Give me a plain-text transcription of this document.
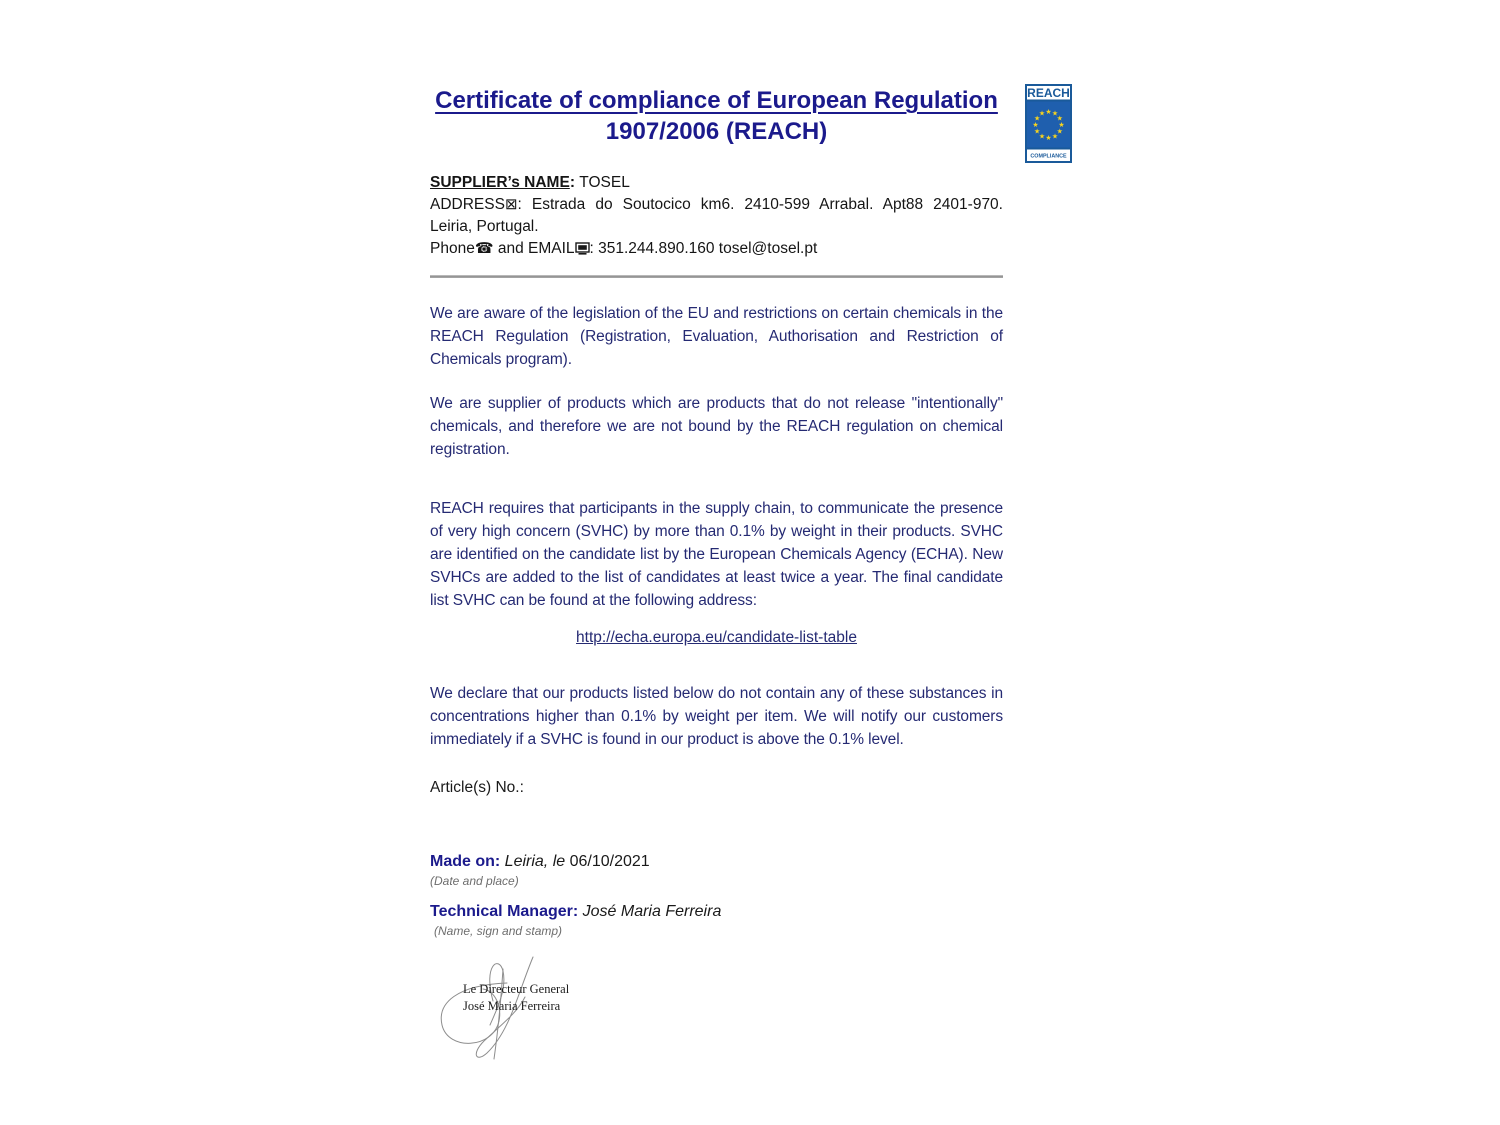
REACH
★ ★
★
★
★
★
★
★
★
★
★
★
COMPLIANCE
Certificate of compliance of European Regulation
1907/2006 (REACH)
SUPPLIER’s NAME: TOSEL
ADDRESS⊠: Estrada do Soutocico km6. 2410-599 Arrabal. Apt88 2401-970. Leiria, Portugal.
Phone☎ and EMAIL : 351.244.890.160 tosel@tosel.pt
We are aware of the legislation of the EU and restrictions on certain chemicals in the REACH Regulation (Registration, Evaluation, Authorisation and Restriction of Chemicals program).
We are supplier of products which are products that do not release "intentionally" chemicals, and therefore we are not bound by the REACH regulation on chemical registration.
REACH requires that participants in the supply chain, to communicate the presence of very high concern (SVHC) by more than 0.1% by weight in their products. SVHC are identified on the candidate list by the European Chemicals Agency (ECHA). New SVHCs are added to the list of candidates at least twice a year. The final candidate list SVHC can be found at the following address:
http://echa.europa.eu/candidate-list-table
We declare that our products listed below do not contain any of these substances in concentrations higher than 0.1% by weight per item. We will notify our customers immediately if a SVHC is found in our product is above the 0.1% level.
Article(s) No.:
Made on: Leiria, le 06/10/2021
(Date and place)
Technical Manager: José Maria Ferreira
(Name, sign and stamp)
Le Directeur General
José Maria Ferreira
